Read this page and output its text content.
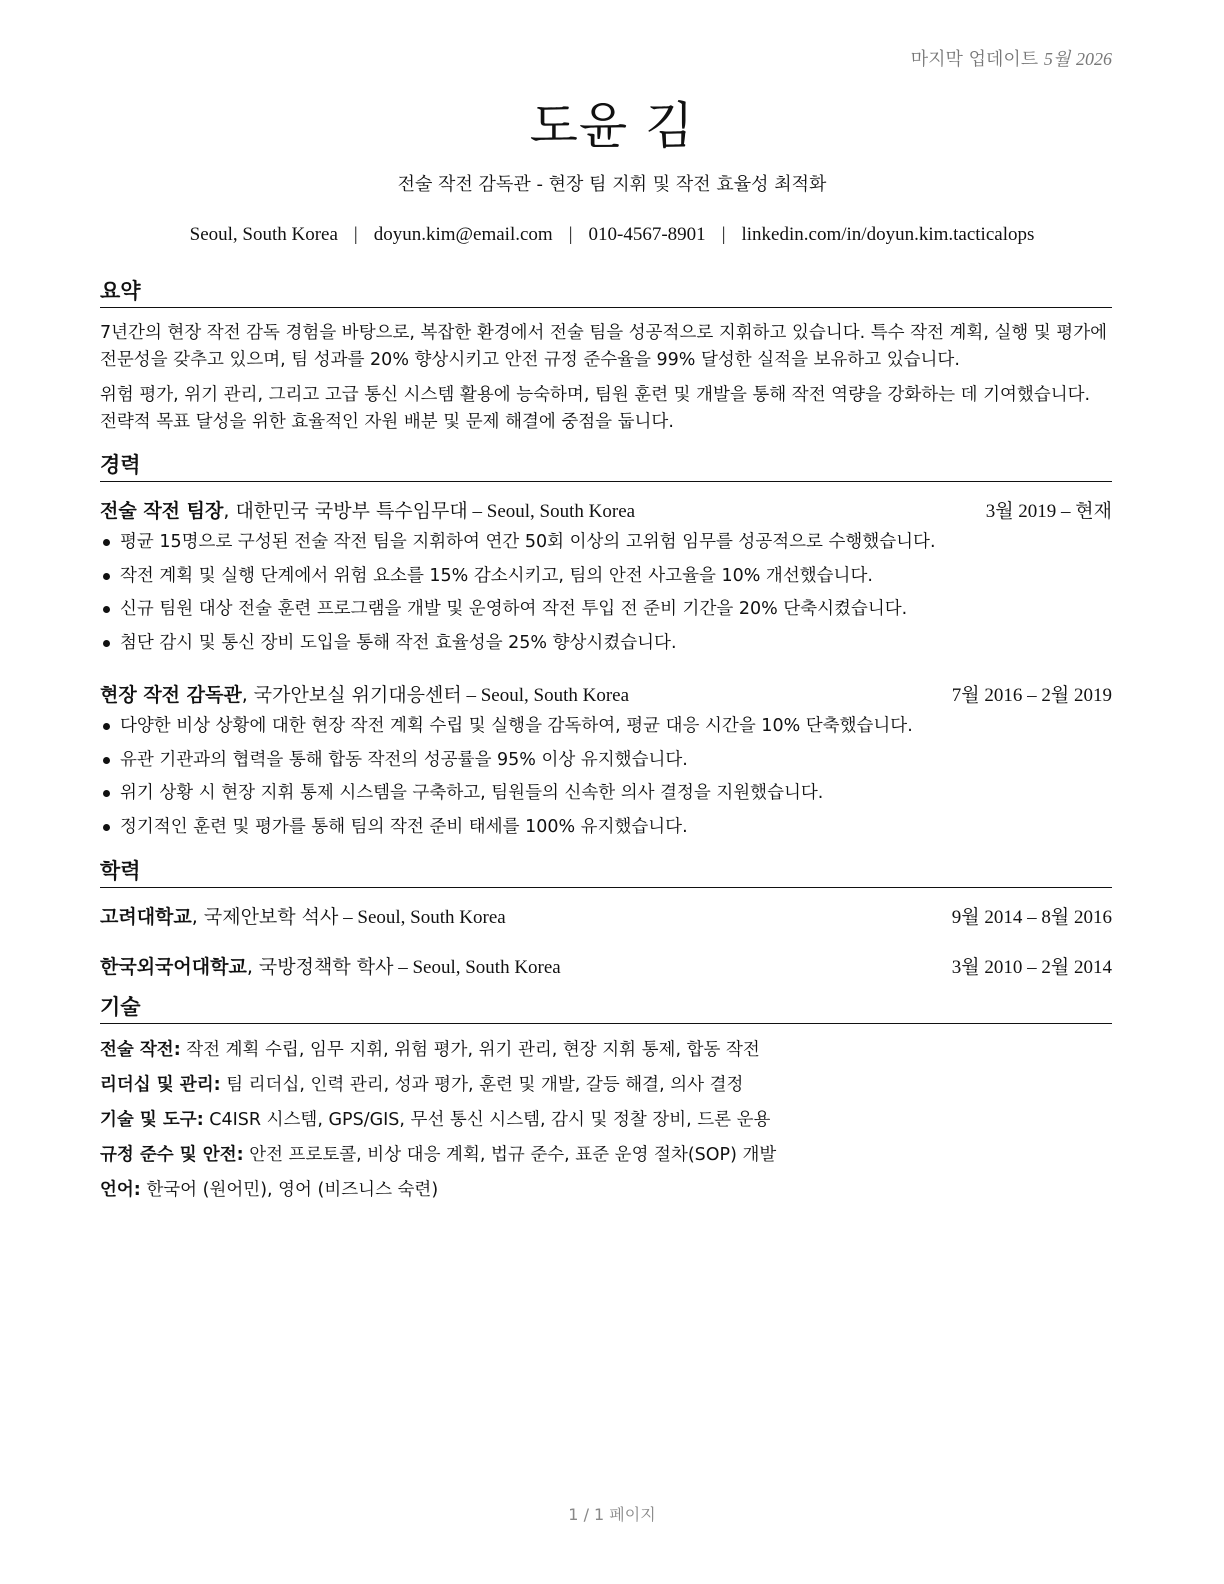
마지막 업데이트 5월 2026
도윤 김
전술 작전 감독관 - 현장 팀 지휘 및 작전 효율성 최적화
Seoul, South Korea | doyun.kim@email.com | 010-4567-8901 | linkedin.com/in/doyun.kim.tacticalops
요약

7년간의 현장 작전 감독 경험을 바탕으로, 복잡한 환경에서 전술 팀을 성공적으로 지휘하고 있습니다. 특수 작전 계획, 실행 및 평가에 전문성을 갖추고 있으며, 팀 성과를 20% 향상시키고 안전 규정 준수율을 99% 달성한 실적을 보유하고 있습니다.

위험 평가, 위기 관리, 그리고 고급 통신 시스템 활용에 능숙하며, 팀원 훈련 및 개발을 통해 작전 역량을 강화하는 데 기여했습니다. 전략적 목표 달성을 위한 효율적인 자원 배분 및 문제 해결에 중점을 둡니다.

경력
전술 작전 팀장, 대한민국 국방부 특수임무대 – Seoul, South Korea	3월 2019 – 현재
평균 15명으로 구성된 전술 작전 팀을 지휘하여 연간 50회 이상의 고위험 임무를 성공적으로 수행했습니다.
작전 계획 및 실행 단계에서 위험 요소를 15% 감소시키고, 팀의 안전 사고율을 10% 개선했습니다.
신규 팀원 대상 전술 훈련 프로그램을 개발 및 운영하여 작전 투입 전 준비 기간을 20% 단축시켰습니다.
첨단 감시 및 통신 장비 도입을 통해 작전 효율성을 25% 향상시켰습니다.
현장 작전 감독관, 국가안보실 위기대응센터 – Seoul, South Korea	7월 2016 – 2월 2019
다양한 비상 상황에 대한 현장 작전 계획 수립 및 실행을 감독하여, 평균 대응 시간을 10% 단축했습니다.
유관 기관과의 협력을 통해 합동 작전의 성공률을 95% 이상 유지했습니다.
위기 상황 시 현장 지휘 통제 시스템을 구축하고, 팀원들의 신속한 의사 결정을 지원했습니다.
정기적인 훈련 및 평가를 통해 팀의 작전 준비 태세를 100% 유지했습니다.
학력
고려대학교, 국제안보학 석사 – Seoul, South Korea	9월 2014 – 8월 2016
한국외국어대학교, 국방정책학 학사 – Seoul, South Korea	3월 2010 – 2월 2014
기술
전술 작전: 작전 계획 수립, 임무 지휘, 위험 평가, 위기 관리, 현장 지휘 통제, 합동 작전
리더십 및 관리: 팀 리더십, 인력 관리, 성과 평가, 훈련 및 개발, 갈등 해결, 의사 결정
기술 및 도구: C4ISR 시스템, GPS/GIS, 무선 통신 시스템, 감시 및 정찰 장비, 드론 운용
규정 준수 및 안전: 안전 프로토콜, 비상 대응 계획, 법규 준수, 표준 운영 절차(SOP) 개발
언어: 한국어 (원어민), 영어 (비즈니스 숙련)
1 / 1 페이지
